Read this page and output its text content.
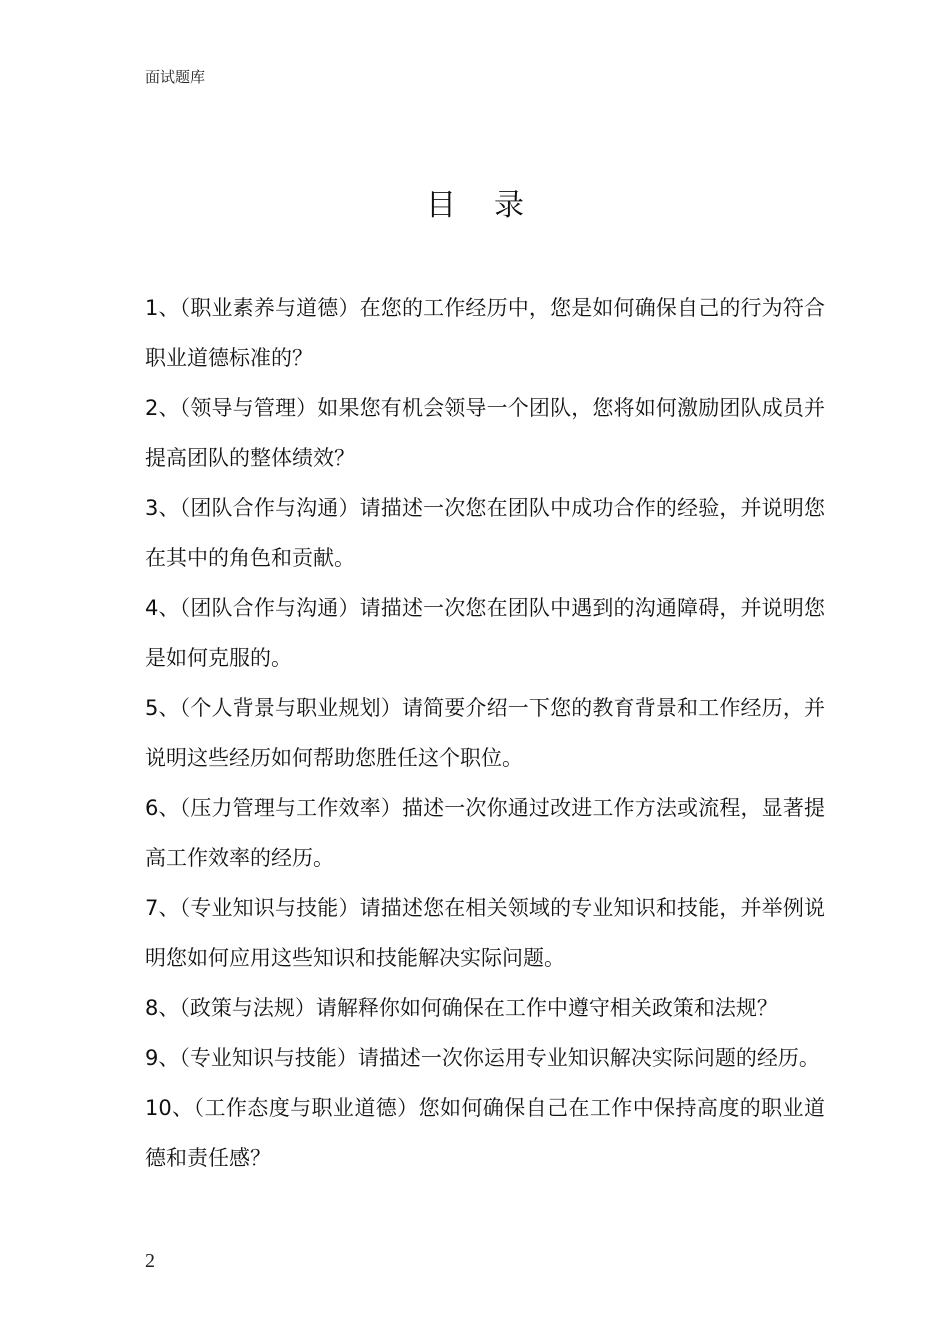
面试题库
目录
1、（职业素养与道德）在您的工作经历中，您是如何确保自己的行为符合职业道德标准的？
2、（领导与管理）如果您有机会领导一个团队，您将如何激励团队成员并提高团队的整体绩效？
3、（团队合作与沟通）请描述一次您在团队中成功合作的经验，并说明您在其中的角色和贡献。
4、（团队合作与沟通）请描述一次您在团队中遇到的沟通障碍，并说明您是如何克服的。
5、（个人背景与职业规划）请简要介绍一下您的教育背景和工作经历，并说明这些经历如何帮助您胜任这个职位。
6、（压力管理与工作效率）描述一次你通过改进工作方法或流程，显著提高工作效率的经历。
7、（专业知识与技能）请描述您在相关领域的专业知识和技能，并举例说明您如何应用这些知识和技能解决实际问题。
8、（政策与法规）请解释你如何确保在工作中遵守相关政策和法规？
9、（专业知识与技能）请描述一次你运用专业知识解决实际问题的经历。
10、（工作态度与职业道德）您如何确保自己在工作中保持高度的职业道德和责任感？
2
